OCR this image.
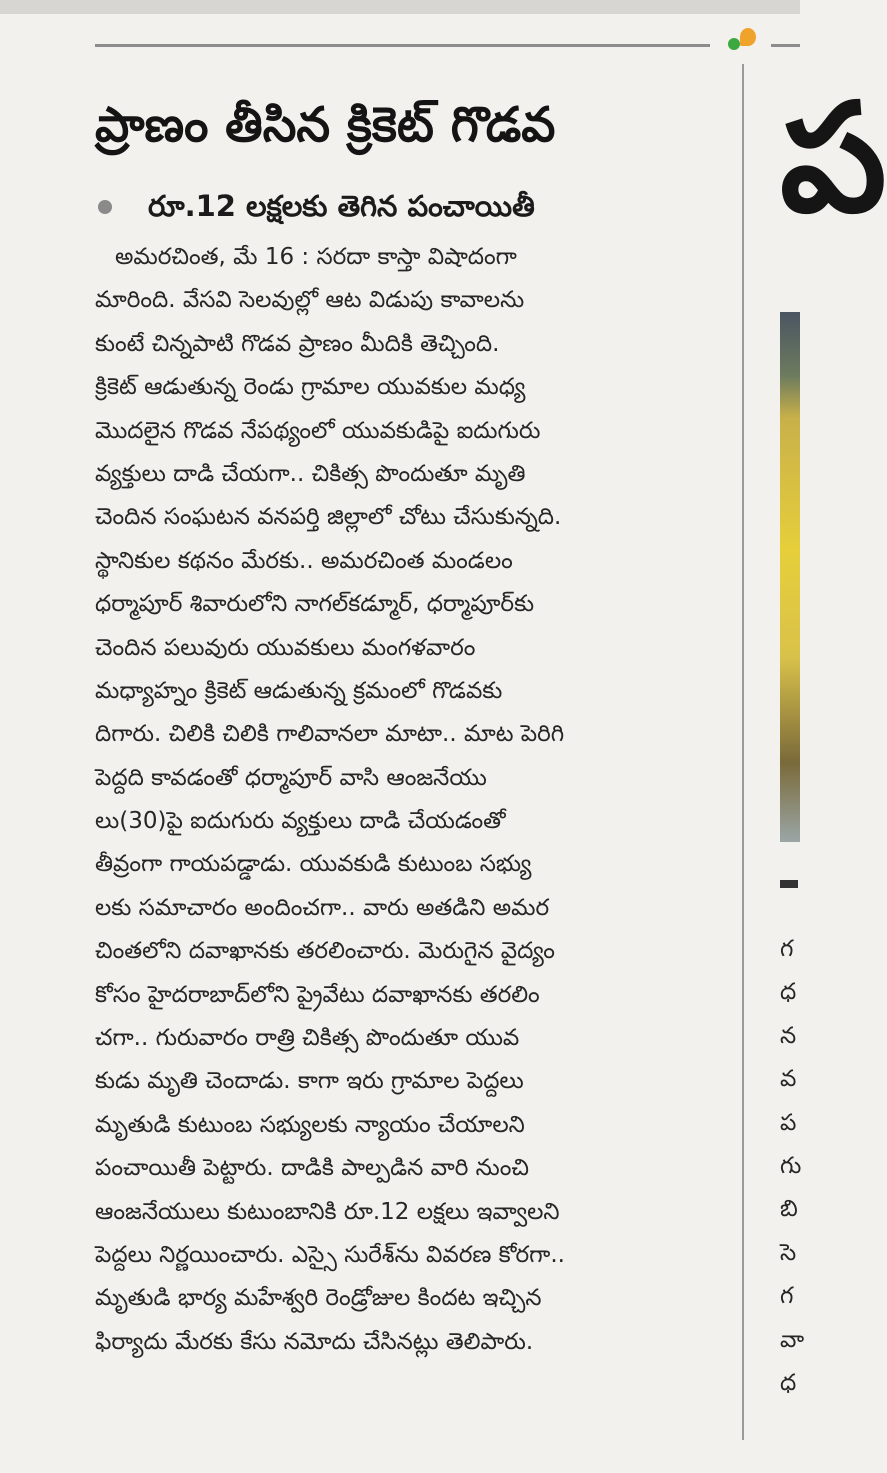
ప్రాణం తీసిన క్రికెట్ గొడవ
రూ.12 లక్షలకు తెగిన పంచాయితీ
అమరచింత, మే 16 : సరదా కాస్తా విషాదంగా
మారింది. వేసవి సెలవుల్లో ఆట విడుపు కావాలను
కుంటే చిన్నపాటి గొడవ ప్రాణం మీదికి తెచ్చింది.
క్రికెట్ ఆడుతున్న రెండు గ్రామాల యువకుల మధ్య
మొదలైన గొడవ నేపథ్యంలో యువకుడిపై ఐదుగురు
వ్యక్తులు దాడి చేయగా.. చికిత్స పొందుతూ మృతి
చెందిన సంఘటన వనపర్తి జిల్లాలో చోటు చేసుకున్నది.
స్థానికుల కథనం మేరకు.. అమరచింత మండలం
ధర్మాపూర్ శివారులోని నాగల్‌కడ్మూర్, ధర్మాపూర్‌కు
చెందిన పలువురు యువకులు మంగళవారం
మధ్యాహ్నం క్రికెట్ ఆడుతున్న క్రమంలో గొడవకు
దిగారు. చిలికి చిలికి గాలివానలా మాటా.. మాట పెరిగి
పెద్దది కావడంతో ధర్మాపూర్ వాసి ఆంజనేయు
లు(30)పై ఐదుగురు వ్యక్తులు దాడి చేయడంతో
తీవ్రంగా గాయపడ్డాడు. యువకుడి కుటుంబ సభ్యు
లకు సమాచారం అందించగా.. వారు అతడిని అమర
చింతలోని దవాఖానకు తరలించారు. మెరుగైన వైద్యం
కోసం హైదరాబాద్‌లోని ప్రైవేటు దవాఖానకు తరలిం
చగా.. గురువారం రాత్రి చికిత్స పొందుతూ యువ
కుడు మృతి చెందాడు. కాగా ఇరు గ్రామాల పెద్దలు
మృతుడి కుటుంబ సభ్యులకు న్యాయం చేయాలని
పంచాయితీ పెట్టారు. దాడికి పాల్పడిన వారి నుంచి
ఆంజనేయులు కుటుంబానికి రూ.12 లక్షలు ఇవ్వాలని
పెద్దలు నిర్ణయించారు. ఎస్సై సురేశ్‌ను వివరణ కోరగా..
మృతుడి భార్య మహేశ్వరి రెండ్రోజుల కిందట ఇచ్చిన
ఫిర్యాదు మేరకు కేసు నమోదు చేసినట్లు తెలిపారు.
ప
గ
ధ
న
వ
ప
గు
బి
సె
గ
వా
ధ
